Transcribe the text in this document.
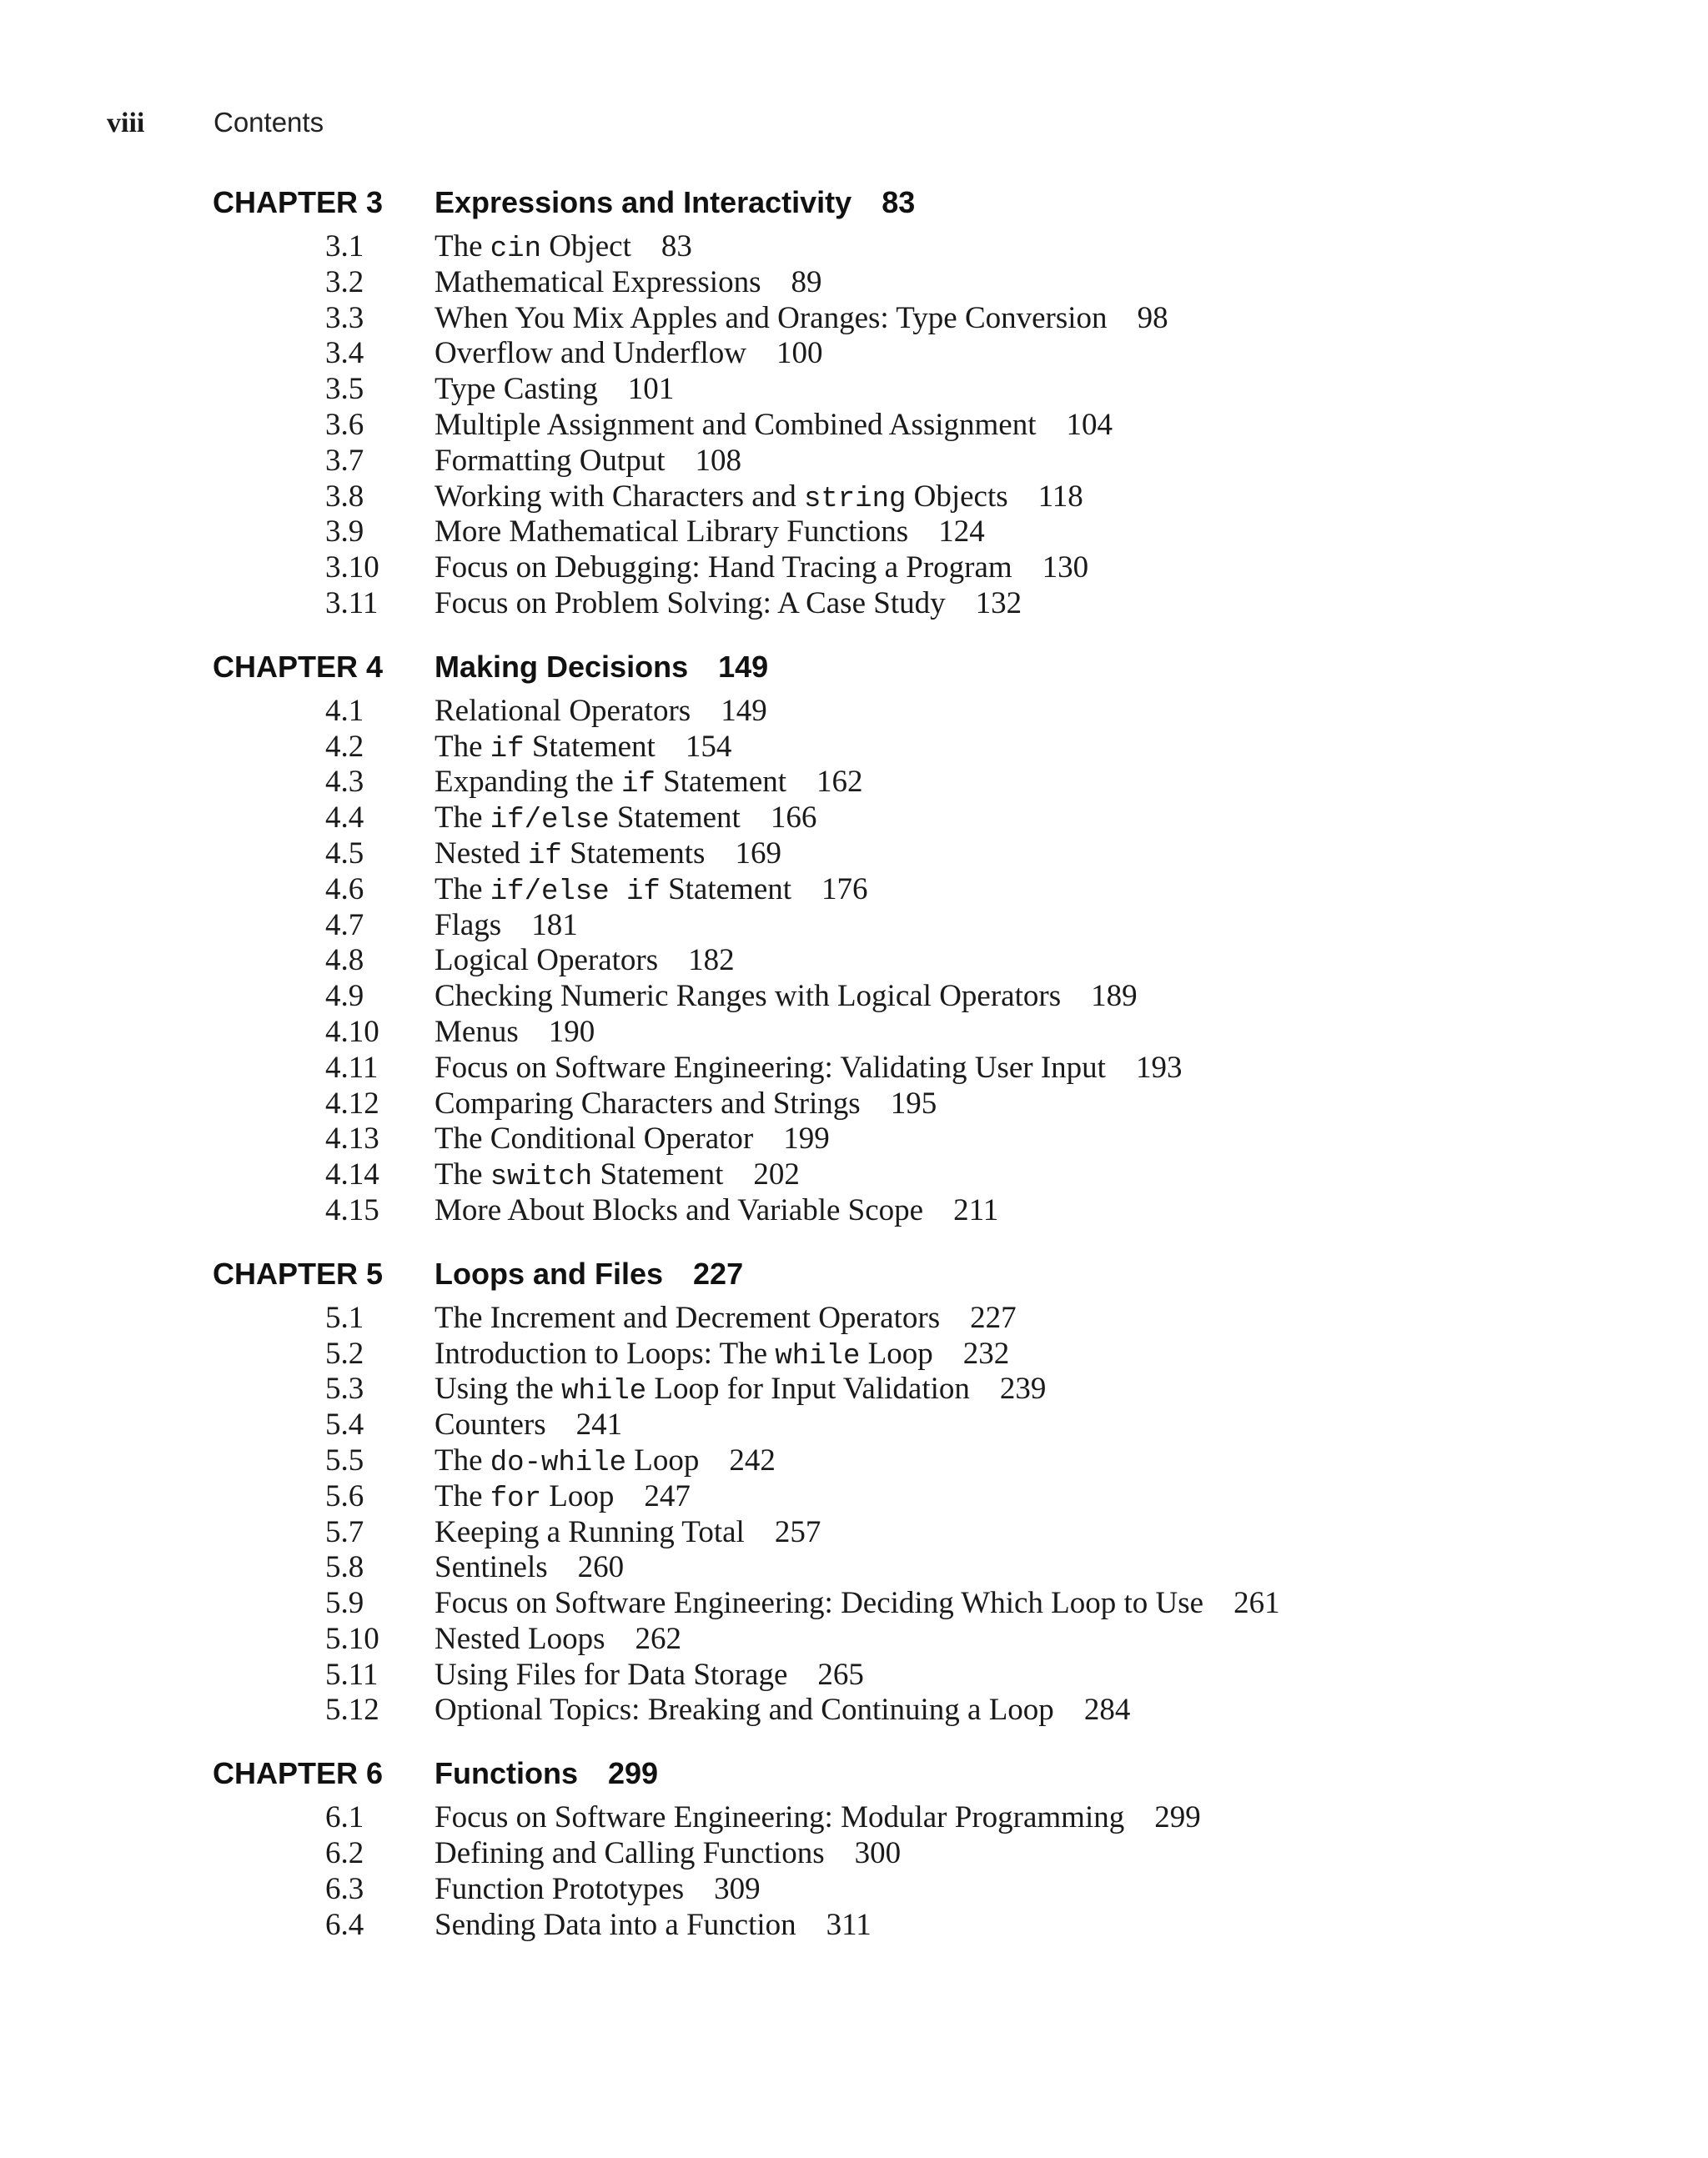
viii	Contents
CHAPTER 3	Expressions and Interactivity 83
3.1	The cin Object 83
3.2	Mathematical Expressions 89
3.3	When You Mix Apples and Oranges: Type Conversion 98
3.4	Overflow and Underflow 100
3.5	Type Casting 101
3.6	Multiple Assignment and Combined Assignment 104
3.7	Formatting Output 108
3.8	Working with Characters and string Objects 118
3.9	More Mathematical Library Functions 124
3.10	Focus on Debugging: Hand Tracing a Program 130
3.11	Focus on Problem Solving: A Case Study 132
CHAPTER 4	Making Decisions 149
4.1	Relational Operators 149
4.2	The if Statement 154
4.3	Expanding the if Statement 162
4.4	The if/else Statement 166
4.5	Nested if Statements 169
4.6	The if/else if Statement 176
4.7	Flags 181
4.8	Logical Operators 182
4.9	Checking Numeric Ranges with Logical Operators 189
4.10	Menus 190
4.11	Focus on Software Engineering: Validating User Input 193
4.12	Comparing Characters and Strings 195
4.13	The Conditional Operator 199
4.14	The switch Statement 202
4.15	More About Blocks and Variable Scope 211
CHAPTER 5	Loops and Files 227
5.1	The Increment and Decrement Operators 227
5.2	Introduction to Loops: The while Loop 232
5.3	Using the while Loop for Input Validation 239
5.4	Counters 241
5.5	The do-while Loop 242
5.6	The for Loop 247
5.7	Keeping a Running Total 257
5.8	Sentinels 260
5.9	Focus on Software Engineering: Deciding Which Loop to Use 261
5.10	Nested Loops 262
5.11	Using Files for Data Storage 265
5.12	Optional Topics: Breaking and Continuing a Loop 284
CHAPTER 6	Functions 299
6.1	Focus on Software Engineering: Modular Programming 299
6.2	Defining and Calling Functions 300
6.3	Function Prototypes 309
6.4	Sending Data into a Function 311
